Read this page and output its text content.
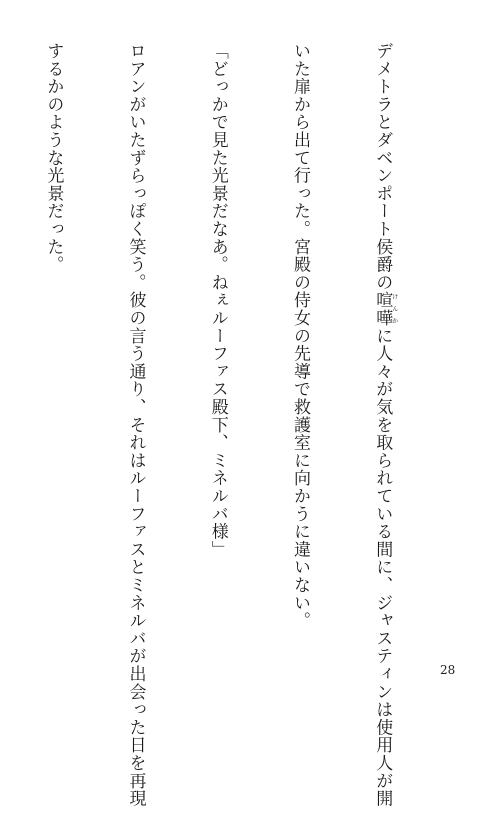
デメトラとダベンポート侯爵の喧嘩けんかに人々が気を取られている間に、ジャスティンは使用人が開

いた扉から出て行った。宮殿の侍女の先導で救護室に向かうに違いない。

「どっかで見た光景だなあ。ねぇルーファス殿下、ミネルバ様」

ロアンがいたずらっぽく笑う。彼の言う通り、それはルーファスとミネルバが出会った日を再現

するかのような光景だった。

28
